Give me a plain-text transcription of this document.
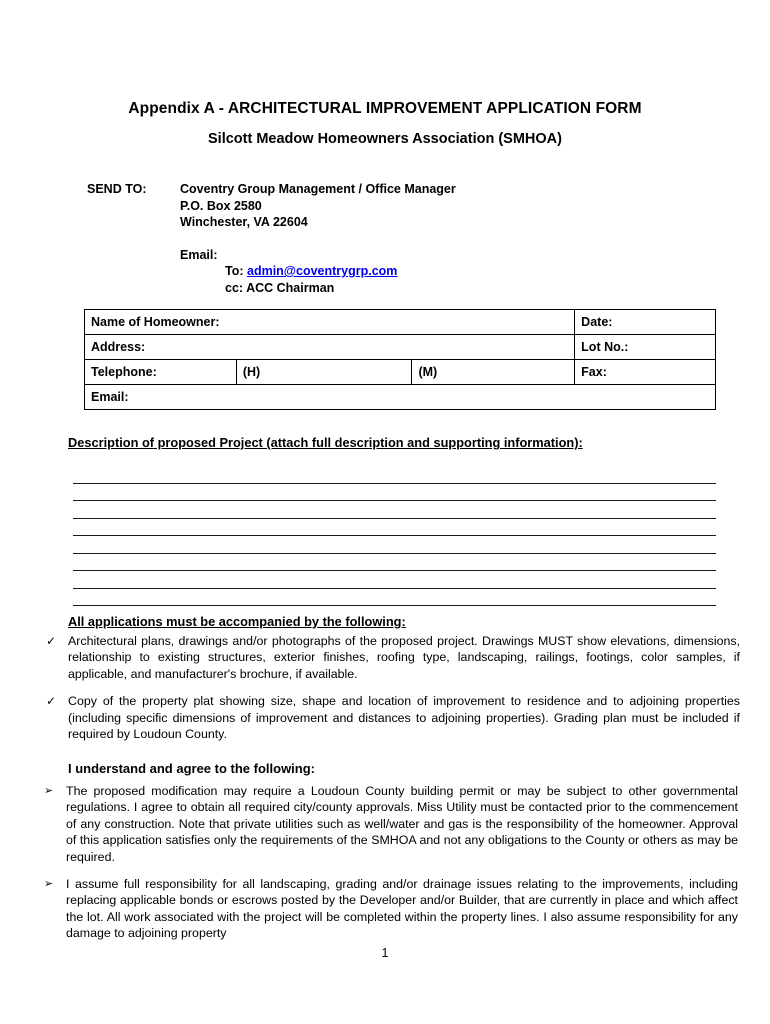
Appendix A - ARCHITECTURAL IMPROVEMENT APPLICATION FORM
Silcott Meadow Homeowners Association (SMHOA)
SEND TO:	Coventry Group Management / Office Manager
P.O. Box 2580
Winchester, VA 22604
Email:
To: admin@coventrygrp.com
cc: ACC Chairman
Name of Homeowner:			Date:
Address:			Lot No.:
Telephone:	(H)	(M)	Fax:
Email:			
Description of proposed Project (attach full description and supporting information):
All applications must be accompanied by the following:
✓ Architectural plans, drawings and/or photographs of the proposed project. Drawings MUST show elevations, dimensions, relationship to existing structures, exterior finishes, roofing type, landscaping, railings, footings, color samples, if applicable, and manufacturer's brochure, if available.
✓ Copy of the property plat showing size, shape and location of improvement to residence and to adjoining properties (including specific dimensions of improvement and distances to adjoining properties). Grading plan must be included if required by Loudoun County.
I understand and agree to the following:
➢	The proposed modification may require a Loudoun County building permit or may be subject to other governmental regulations. I agree to obtain all required city/county approvals. Miss Utility must be contacted prior to the commencement of any construction. Note that private utilities such as well/water and gas is the responsibility of the homeowner. Approval of this application satisfies only the requirements of the SMHOA and not any obligations to the County or others as may be required.
➢	I assume full responsibility for all landscaping, grading and/or drainage issues relating to the improvements, including replacing applicable bonds or escrows posted by the Developer and/or Builder, that are currently in place and which affect the lot. All work associated with the project will be completed within the property lines. I also assume responsibility for any damage to adjoining property
1
